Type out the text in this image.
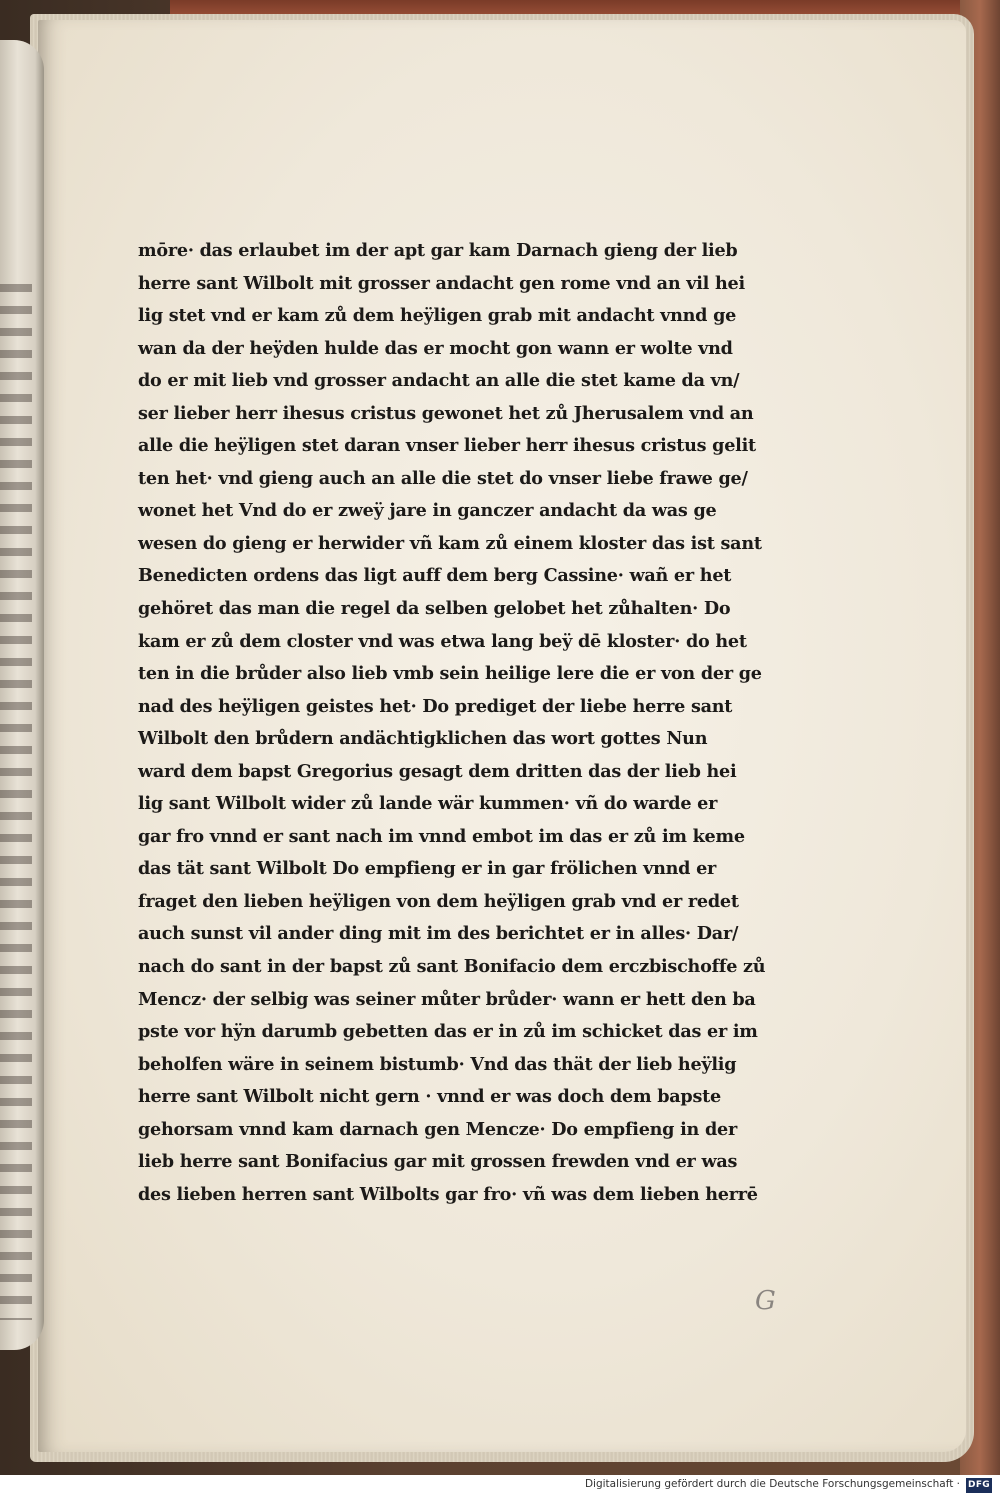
mōre· das erlaubet im der apt gar kam Darnach gieng der lieb
herre sant Wilbolt mit grosser andacht gen rome vnd an vil hei
lig stet vnd er kam zů dem heÿligen grab mit andacht vnnd ge
wan da der heÿden hulde das er mocht gon wann er wolte vnd
do er mit lieb vnd grosser andacht an alle die stet kame da vn/
ser lieber herr ihesus cristus gewonet het zů Jherusalem vnd an
alle die heÿligen stet daran vnser lieber herr ihesus cristus gelit
ten het· vnd gieng auch an alle die stet do vnser liebe frawe ge/
wonet het Vnd do er zweÿ jare in ganczer andacht da was ge
wesen do gieng er herwider vñ kam zů einem kloster das ist sant
Benedicten ordens das ligt auff dem berg Cassine· wañ er het
gehöret das man die regel da selben gelobet het zůhalten· Do
kam er zů dem closter vnd was etwa lang beÿ dē kloster· do het
ten in die brůder also lieb vmb sein heilige lere die er von der ge
nad des heÿligen geistes het· Do prediget der liebe herre sant
Wilbolt den brůdern andächtigklichen das wort gottes Nun
ward dem bapst Gregorius gesagt dem dritten das der lieb hei
lig sant Wilbolt wider zů lande wär kummen· vñ do warde er
gar fro vnnd er sant nach im vnnd embot im das er zů im keme
das tät sant Wilbolt Do empfieng er in gar frölichen vnnd er
fraget den lieben heÿligen von dem heÿligen grab vnd er redet
auch sunst vil ander ding mit im des berichtet er in alles· Dar/
nach do sant in der bapst zů sant Bonifacio dem erczbischoffe zů
Mencz· der selbig was seiner můter brůder· wann er hett den ba
pste vor hÿn darumb gebetten das er in zů im schicket das er im
beholfen wäre in seinem bistumb· Vnd das thät der lieb heÿlig
herre sant Wilbolt nicht gern · vnnd er was doch dem bapste
gehorsam vnnd kam darnach gen Mencze· Do empfieng in der
lieb herre sant Bonifacius gar mit grossen frewden vnd er was
des lieben herren sant Wilbolts gar fro· vñ was dem lieben herrē
G
Digitalisierung gefördert durch die Deutsche Forschungsgemeinschaft · DFG
